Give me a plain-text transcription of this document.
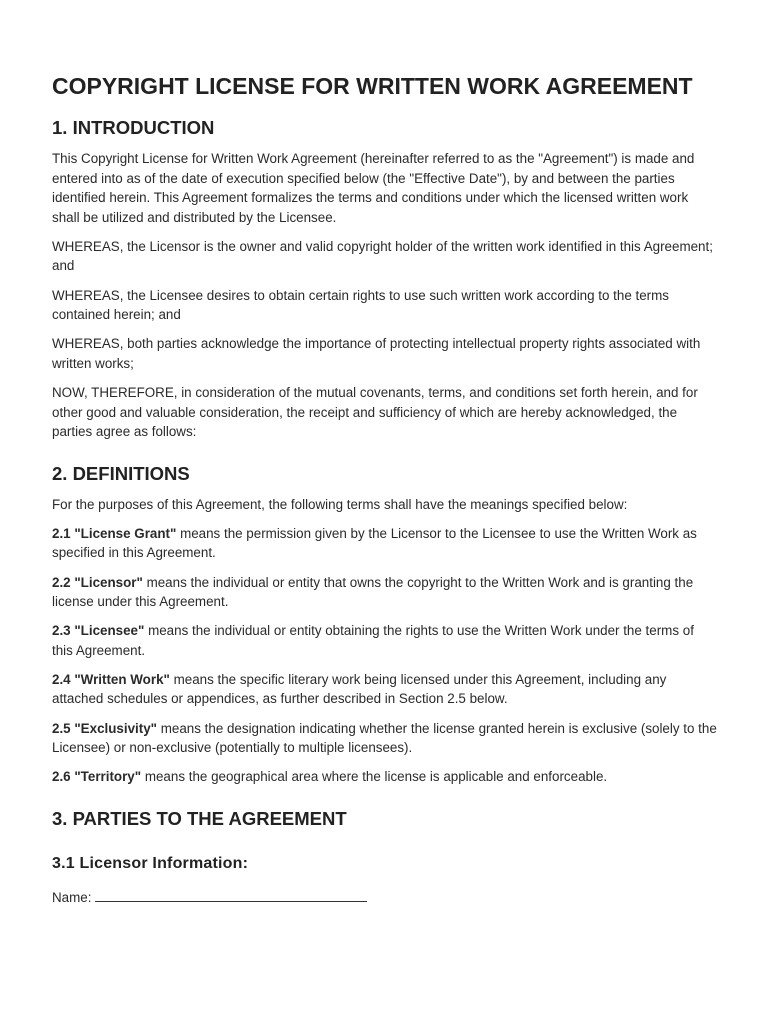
COPYRIGHT LICENSE FOR WRITTEN WORK AGREEMENT
1. INTRODUCTION

This Copyright License for Written Work Agreement (hereinafter referred to as the "Agreement") is made and entered into as of the date of execution specified below (the "Effective Date"), by and between the parties identified herein. This Agreement formalizes the terms and conditions under which the licensed written work shall be utilized and distributed by the Licensee.

WHEREAS, the Licensor is the owner and valid copyright holder of the written work identified in this Agreement; and

WHEREAS, the Licensee desires to obtain certain rights to use such written work according to the terms contained herein; and

WHEREAS, both parties acknowledge the importance of protecting intellectual property rights associated with written works;

NOW, THEREFORE, in consideration of the mutual covenants, terms, and conditions set forth herein, and for other good and valuable consideration, the receipt and sufficiency of which are hereby acknowledged, the parties agree as follows:

2. DEFINITIONS

For the purposes of this Agreement, the following terms shall have the meanings specified below:

2.1 "License Grant" means the permission given by the Licensor to the Licensee to use the Written Work as specified in this Agreement.

2.2 "Licensor" means the individual or entity that owns the copyright to the Written Work and is granting the license under this Agreement.

2.3 "Licensee" means the individual or entity obtaining the rights to use the Written Work under the terms of this Agreement.

2.4 "Written Work" means the specific literary work being licensed under this Agreement, including any attached schedules or appendices, as further described in Section 2.5 below.

2.5 "Exclusivity" means the designation indicating whether the license granted herein is exclusive (solely to the Licensee) or non-exclusive (potentially to multiple licensees).

2.6 "Territory" means the geographical area where the license is applicable and enforceable.

3. PARTIES TO THE AGREEMENT
3.1 Licensor Information:

Name:
